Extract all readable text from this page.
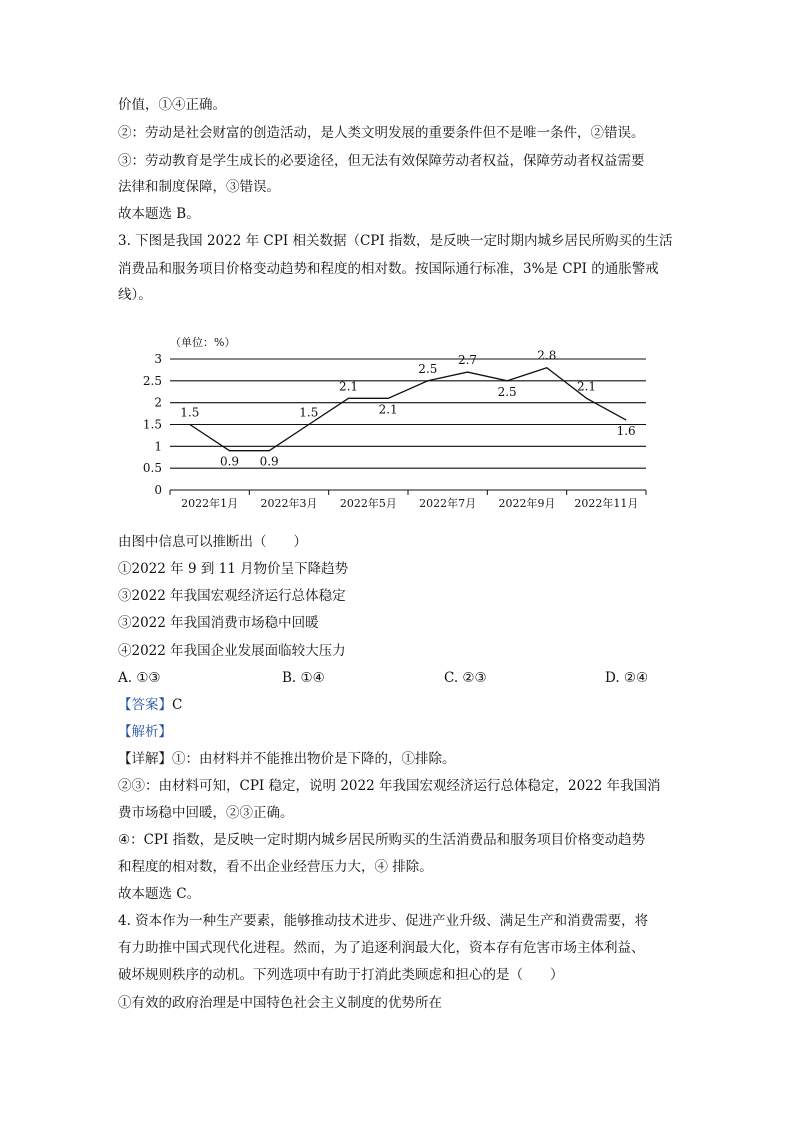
价值，①④正确。
②：劳动是社会财富的创造活动，是人类文明发展的重要条件但不是唯一条件，②错误。
③：劳动教育是学生成长的必要途径，但无法有效保障劳动者权益，保障劳动者权益需要
法律和制度保障，③错误。
故本题选 B。
3. 下图是我国 2022 年 CPI 相关数据（CPI 指数，是反映一定时期内城乡居民所购买的生活
消费品和服务项目价格变动趋势和程度的相对数。按国际通行标准，3%是 CPI 的通胀警戒
线）。
（单位：%）
0
0.5
1
1.5
2
2.5
3
2022年1月 2022年3月 2022年5月 2022年7月 2022年9月 2022年11月
1.5
0.9 0.9
1.5
2.1
2.1
2.5
2.7
2.5
2.8
2.1
1.6
由图中信息可以推断出（　　）
①2022 年 9 到 11 月物价呈下降趋势
③2022 年我国宏观经济运行总体稳定
③2022 年我国消费市场稳中回暖
④2022 年我国企业发展面临较大压力
A. ①③	B. ①④	C. ②③	D. ②④
【答案】C
【解析】
【详解】①：由材料并不能推出物价是下降的，①排除。
②③：由材料可知，CPI 稳定，说明 2022 年我国宏观经济运行总体稳定，2022 年我国消
费市场稳中回暖，②③正确。
④：CPI 指数，是反映一定时期内城乡居民所购买的生活消费品和服务项目价格变动趋势
和程度的相对数，看不出企业经营压力大，④ 排除。
故本题选 C。
4. 资本作为一种生产要素，能够推动技术进步、促进产业升级、满足生产和消费需要，将
有力助推中国式现代化进程。然而，为了追逐利润最大化，资本存有危害市场主体利益、
破坏规则秩序的动机。下列选项中有助于打消此类顾虑和担心的是（　　）
①有效的政府治理是中国特色社会主义制度的优势所在
